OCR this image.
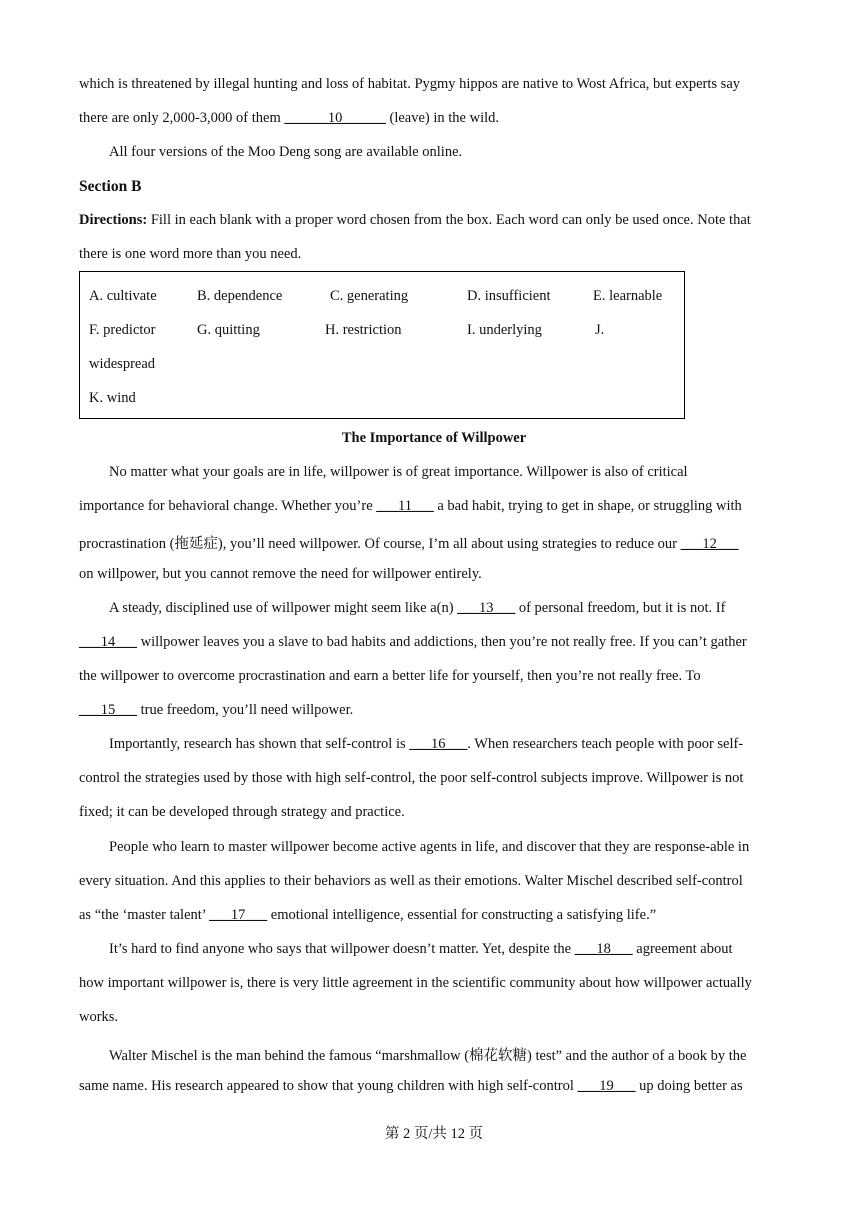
which is threatened by illegal hunting and loss of habitat. Pygmy hippos are native to Wost Africa, but experts say
there are only 2,000-3,000 of them ______10______ (leave) in the wild.
All four versions of the Moo Deng song are available online.
Section B
Directions: Fill in each blank with a proper word chosen from the box. Each word can only be used once. Note that
there is one word more than you need.
A. cultivate	B. dependence	C. generating	D. insufficient	E. learnable
F. predictor	G. quitting	H. restriction	I. underlying	J.
widespread
K. wind
The Importance of Willpower
No matter what your goals are in life, willpower is of great importance. Willpower is also of critical
importance for behavioral change. Whether you’re ___11___ a bad habit, trying to get in shape, or struggling with
procrastination (拖延症), you’ll need willpower. Of course, I’m all about using strategies to reduce our ___12___
on willpower, but you cannot remove the need for willpower entirely.
A steady, disciplined use of willpower might seem like a(n) ___13___ of personal freedom, but it is not. If
___14___ willpower leaves you a slave to bad habits and addictions, then you’re not really free. If you can’t gather
the willpower to overcome procrastination and earn a better life for yourself, then you’re not really free. To
___15___ true freedom, you’ll need willpower.
Importantly, research has shown that self-control is ___16___. When researchers teach people with poor self-
control the strategies used by those with high self-control, the poor self-control subjects improve. Willpower is not
fixed; it can be developed through strategy and practice.
People who learn to master willpower become active agents in life, and discover that they are response-able in
every situation. And this applies to their behaviors as well as their emotions. Walter Mischel described self-control
as “the ‘master talent’ ___17___ emotional intelligence, essential for constructing a satisfying life.”
It’s hard to find anyone who says that willpower doesn’t matter. Yet, despite the ___18___ agreement about
how important willpower is, there is very little agreement in the scientific community about how willpower actually
works.
Walter Mischel is the man behind the famous “marshmallow (棉花软糖) test” and the author of a book by the
same name. His research appeared to show that young children with high self-control ___19___ up doing better as
第 2 页/共 12 页
